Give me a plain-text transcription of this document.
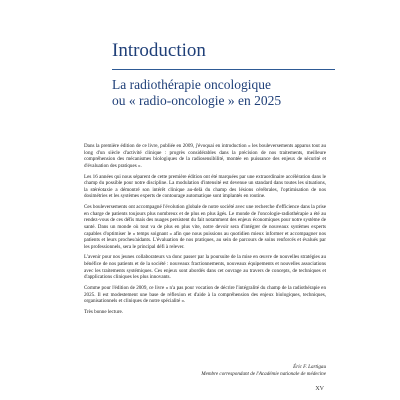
Introduction
La radiothérapie oncologique
ou « radio-oncologie » en 2025

Dans la première édition de ce livre, publiée en 2009, j'évoquai en introduction « les bouleversements apparus tout au long d'un siècle d'activité clinique : progrès considérables dans la précision de nos traitements, meilleure compréhension des mécanismes biologiques de la radiosensibilité, montée en puissance des enjeux de sécurité et d'évaluation des pratiques ».

Les 16 années qui nous séparent de cette première édition ont été marquées par une extraordinaire accélération dans le champ du possible pour notre discipline. La modulation d'intensité est devenue un standard dans toutes les situations, la stéréotaxie a démontré son intérêt clinique au-delà du champ des lésions cérébrales, l'optimisation de nos dosimétries et les systèmes experts de contourage automatique sont implantés en routine.

Ces bouleversements ont accompagné l'évolution globale de notre société avec une recherche d'efficience dans la prise en charge de patients toujours plus nombreux et de plus en plus âgés. Le monde de l'oncologie-radiothérapie a été au rendez-vous de ces défis mais des nuages persistent du fait notamment des enjeux économiques pour notre système de santé. Dans un monde où tout va de plus en plus vite, notre devoir sera d'intégrer de nouveaux systèmes experts capables d'optimiser le « temps soignant » afin que nous puissions au quotidien mieux informer et accompagner nos patients et leurs proches/aidants. L'évaluation de nos pratiques, au sein de parcours de soins renforcés et évalués par les professionnels, sera le principal défi à relever.

L'avenir pour nos jeunes collaborateurs va donc passer par la poursuite de la mise en œuvre de nouvelles stratégies au bénéfice de nos patients et de la société : nouveaux fractionnements, nouveaux équipements et nouvelles associations avec les traitements systémiques. Ces enjeux sont abordés dans cet ouvrage au travers de concepts, de techniques et d'applications cliniques les plus innovants.

Comme pour l'édition de 2009, ce livre « n'a pas pour vocation de décrire l'intégralité du champ de la radiothérapie en 2025. Il est modestement une base de réflexion et d'aide à la compréhension des enjeux biologiques, techniques, organisationnels et cliniques de notre spécialité ».

Très bonne lecture.

Éric F. Lartigau
Membre correspondant de l'Académie nationale de médecine
XV
